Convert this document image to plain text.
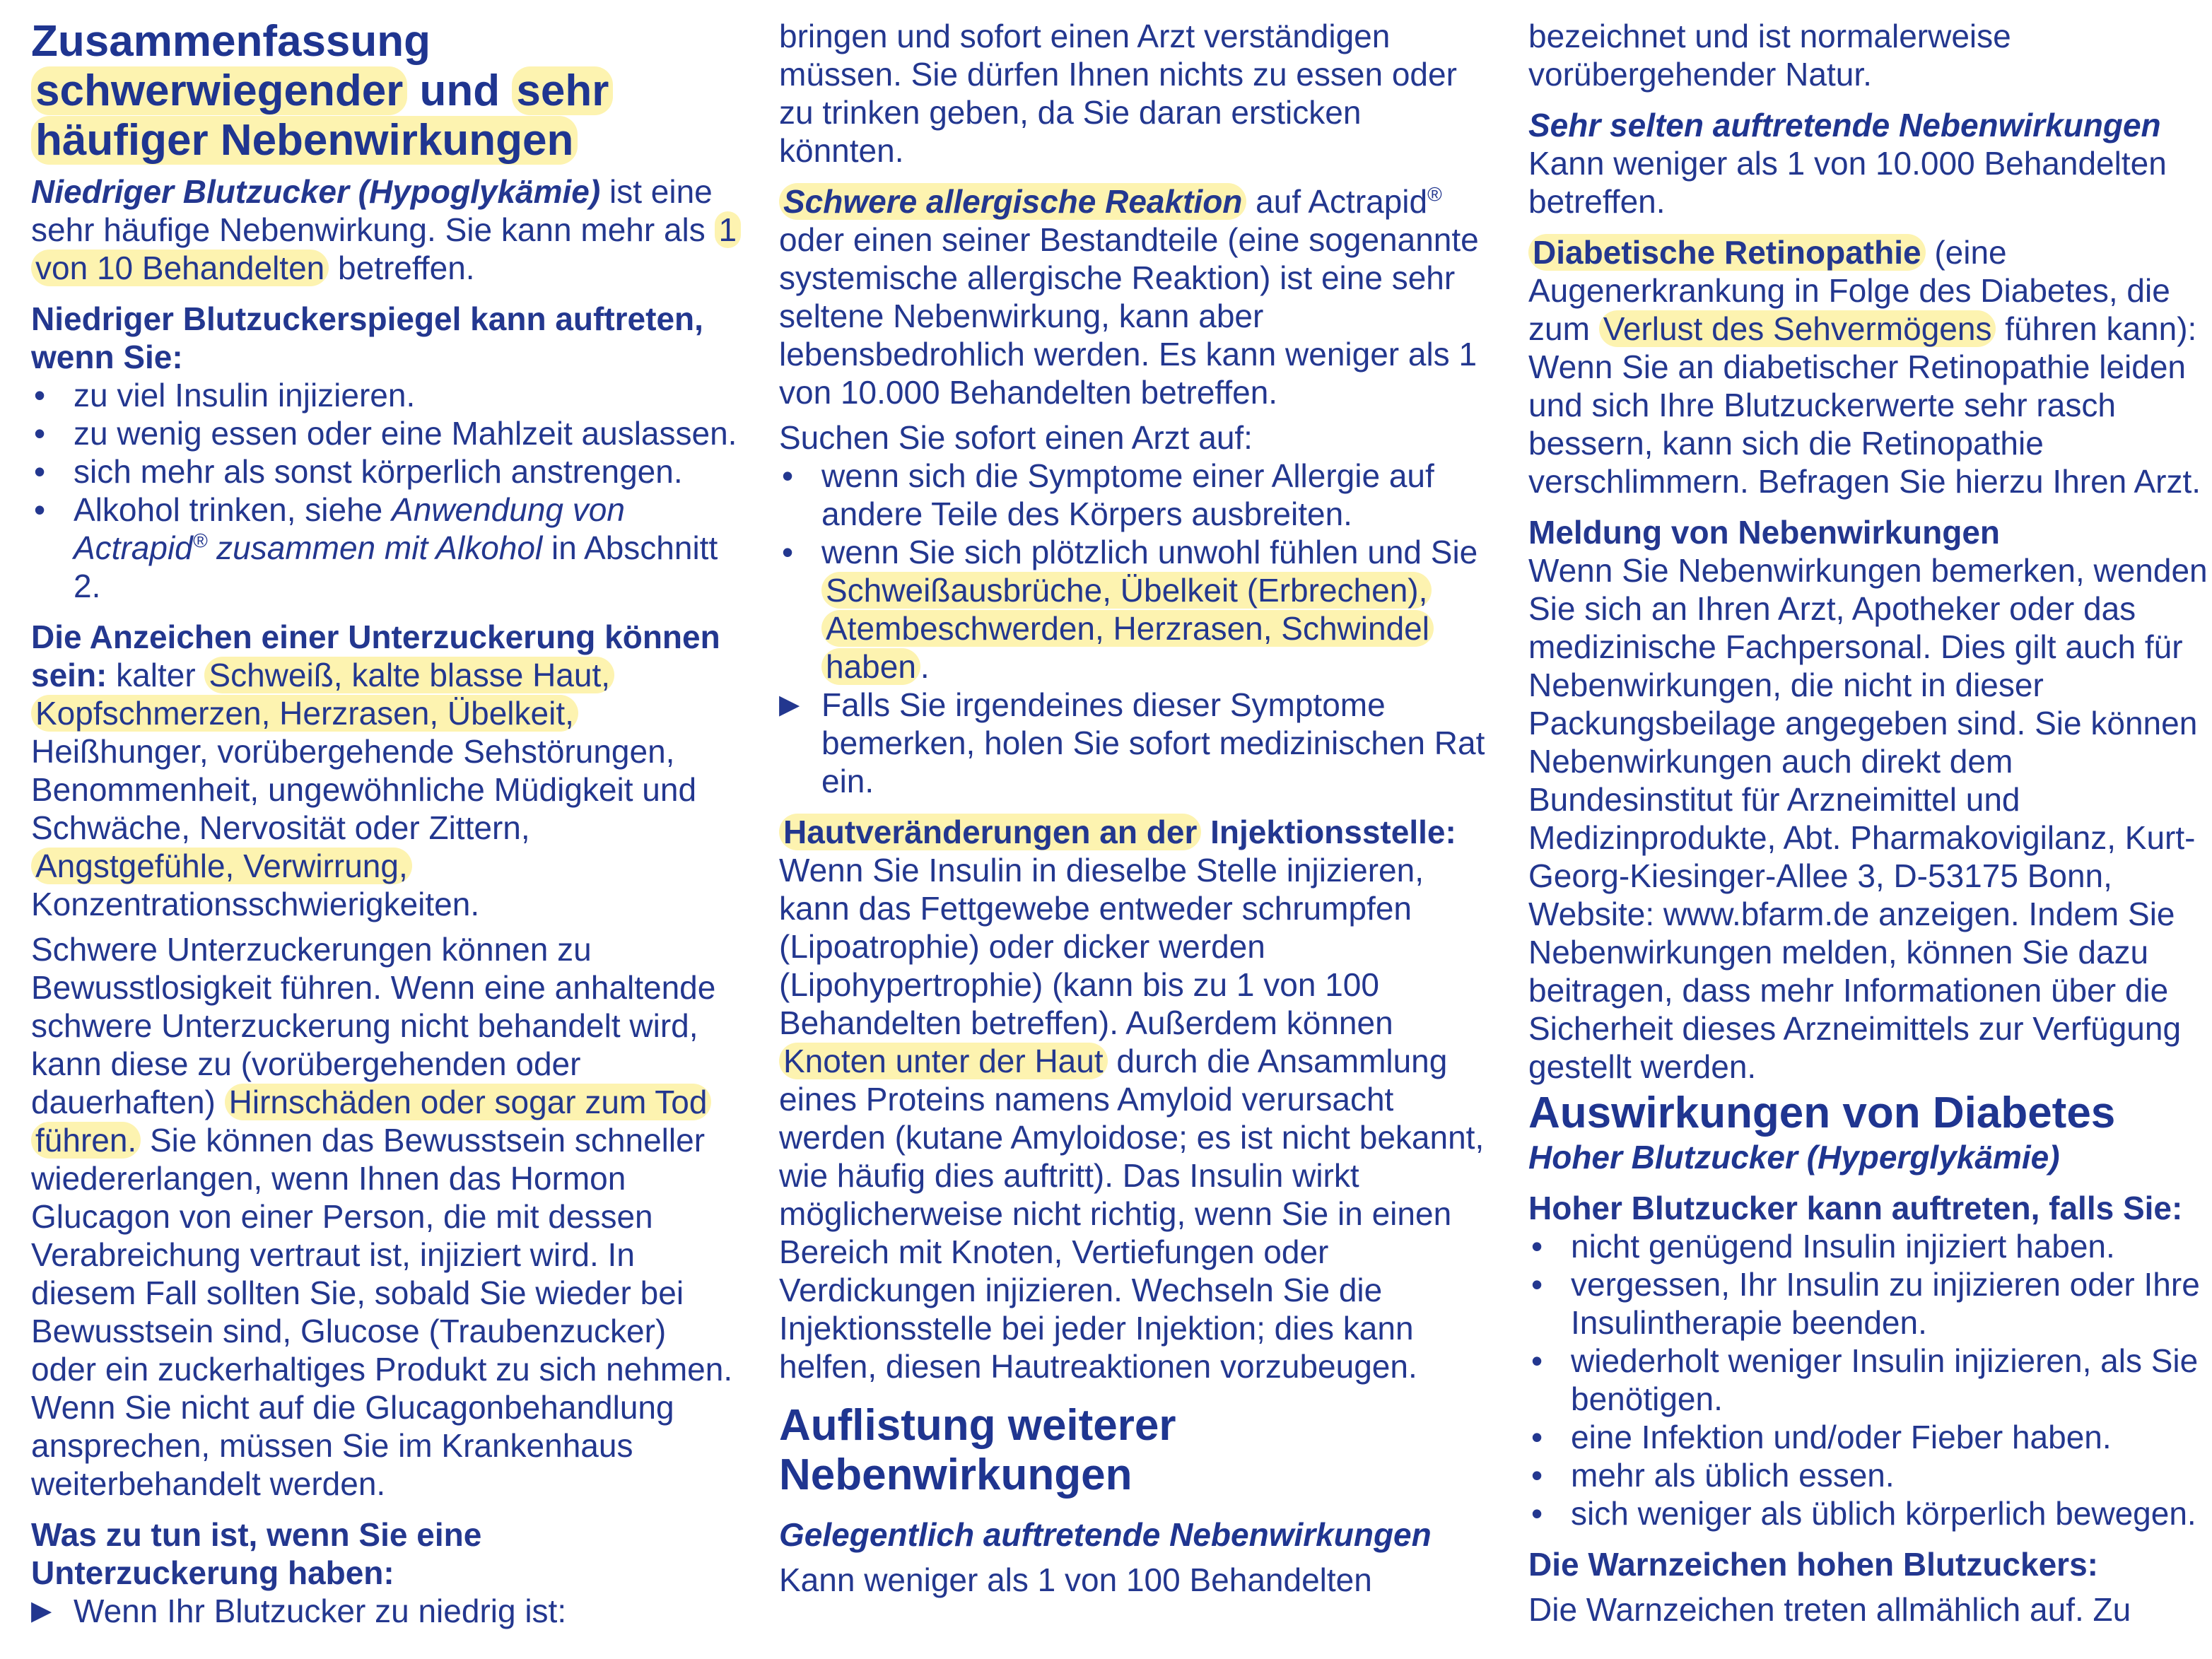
Zusammenfassung
schwerwiegender und sehr
häufiger Nebenwirkungen

Niedriger Blutzucker (Hypoglykämie) ist eine sehr häufige Nebenwirkung. Sie kann mehr als 1 von 10 Behandelten betreffen.

Niedriger Blutzuckerspiegel kann auftreten, wenn Sie:

• zu viel Insulin injizieren.
• zu wenig essen oder eine Mahlzeit auslassen.
• sich mehr als sonst körperlich anstrengen.
• Alkohol trinken, siehe Anwendung von Actrapid® zusammen mit Alkohol in Abschnitt 2.

Die Anzeichen einer Unterzuckerung können sein: kalter Schweiß, kalte blasse Haut, Kopfschmerzen, Herzrasen, Übelkeit, Heißhunger, vorübergehende Sehstörungen, Benommenheit, ungewöhnliche Müdigkeit und Schwäche, Nervosität oder Zittern, Angstgefühle, Verwirrung, Konzentrationsschwierigkeiten.

Schwere Unterzuckerungen können zu Bewusstlosigkeit führen. Wenn eine anhaltende schwere Unterzuckerung nicht behandelt wird, kann diese zu (vorübergehenden oder dauerhaften) Hirnschäden oder sogar zum Tod führen. Sie können das Bewusstsein schneller wiedererlangen, wenn Ihnen das Hormon Glucagon von einer Person, die mit dessen Verabreichung vertraut ist, injiziert wird. In diesem Fall sollten Sie, sobald Sie wieder bei Bewusstsein sind, Glucose (Traubenzucker) oder ein zuckerhaltiges Produkt zu sich nehmen. Wenn Sie nicht auf die Glucagonbehandlung ansprechen, müssen Sie im Krankenhaus weiterbehandelt werden.

Was zu tun ist, wenn Sie eine Unterzuckerung haben:

▶ Wenn Ihr Blutzucker zu niedrig ist:

bringen und sofort einen Arzt verständigen müssen. Sie dürfen Ihnen nichts zu essen oder zu trinken geben, da Sie daran ersticken könnten.

Schwere allergische Reaktion auf Actrapid® oder einen seiner Bestandteile (eine sogenannte systemische allergische Reaktion) ist eine sehr seltene Nebenwirkung, kann aber lebensbedrohlich werden. Es kann weniger als 1 von 10.000 Behandelten betreffen.

Suchen Sie sofort einen Arzt auf:

• wenn sich die Symptome einer Allergie auf andere Teile des Körpers ausbreiten.
• wenn Sie sich plötzlich unwohl fühlen und Sie Schweißausbrüche, Übelkeit (Erbrechen), Atembeschwerden, Herzrasen, Schwindel haben .
▶ Falls Sie irgendeines dieser Symptome bemerken, holen Sie sofort medizinischen Rat ein.

Hautveränderungen an der Injektionsstelle: Wenn Sie Insulin in dieselbe Stelle injizieren, kann das Fettgewebe entweder schrumpfen (Lipoatrophie) oder dicker werden (Lipohypertrophie) (kann bis zu 1 von 100 Behandelten betreffen). Außerdem können Knoten unter der Haut durch die Ansammlung eines Proteins namens Amyloid verursacht werden (kutane Amyloidose; es ist nicht bekannt, wie häufig dies auftritt). Das Insulin wirkt möglicherweise nicht richtig, wenn Sie in einen Bereich mit Knoten, Vertiefungen oder Verdickungen injizieren. Wechseln Sie die Injektionsstelle bei jeder Injektion; dies kann helfen, diesen Hautreaktionen vorzubeugen.

Auflistung weiterer Nebenwirkungen

Gelegentlich auftretende Nebenwirkungen

Kann weniger als 1 von 100 Behandelten

bezeichnet und ist normalerweise vorübergehender Natur.

Sehr selten auftretende Nebenwirkungen

Kann weniger als 1 von 10.000 Behandelten betreffen.

Diabetische Retinopathie (eine Augenerkrankung in Folge des Diabetes, die zum Verlust des Sehvermögens führen kann): Wenn Sie an diabetischer Retinopathie leiden und sich Ihre Blutzuckerwerte sehr rasch bessern, kann sich die Retinopathie verschlimmern. Befragen Sie hierzu Ihren Arzt.

Meldung von Nebenwirkungen

Wenn Sie Nebenwirkungen bemerken, wenden Sie sich an Ihren Arzt, Apotheker oder das medizinische Fachpersonal. Dies gilt auch für Nebenwirkungen, die nicht in dieser Packungsbeilage angegeben sind. Sie können Nebenwirkungen auch direkt dem Bundesinstitut für Arzneimittel und Medizinprodukte, Abt. Pharmakovigilanz, Kurt-Georg-Kiesinger-Allee 3, D-53175 Bonn, Website: www.bfarm.de anzeigen. Indem Sie Nebenwirkungen melden, können Sie dazu beitragen, dass mehr Informationen über die Sicherheit dieses Arzneimittels zur Verfügung gestellt werden.

Auswirkungen von Diabetes

Hoher Blutzucker (Hyperglykämie)

Hoher Blutzucker kann auftreten, falls Sie:

• nicht genügend Insulin injiziert haben.
• vergessen, Ihr Insulin zu injizieren oder Ihre Insulintherapie beenden.
• wiederholt weniger Insulin injizieren, als Sie benötigen.
• eine Infektion und/oder Fieber haben.
• mehr als üblich essen.
• sich weniger als üblich körperlich bewegen.

Die Warnzeichen hohen Blutzuckers:

Die Warnzeichen treten allmählich auf. Zu
